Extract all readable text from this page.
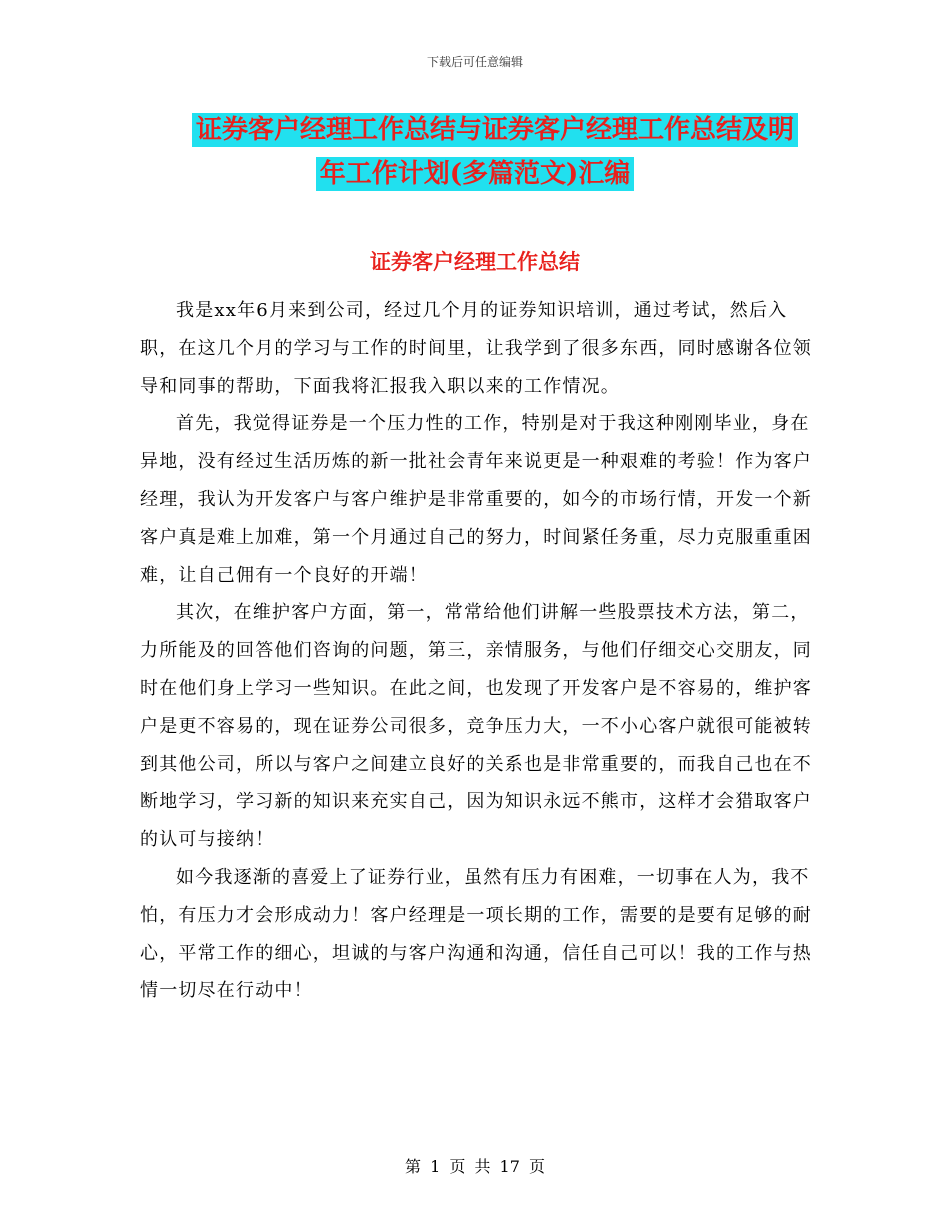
下载后可任意编辑
证券客户经理工作总结与证券客户经理工作总结及明
年工作计划(多篇范文)汇编
证券客户经理工作总结

我是xx年6月来到公司，经过几个月的证券知识培训，通过考试，然后入职，在这几个月的学习与工作的时间里，让我学到了很多东西，同时感谢各位领导和同事的帮助，下面我将汇报我入职以来的工作情况。

首先，我觉得证券是一个压力性的工作，特别是对于我这种刚刚毕业，身在异地，没有经过生活历炼的新一批社会青年来说更是一种艰难的考验！作为客户经理，我认为开发客户与客户维护是非常重要的，如今的市场行情，开发一个新客户真是难上加难，第一个月通过自己的努力，时间紧任务重，尽力克服重重困难，让自己佣有一个良好的开端！

其次，在维护客户方面，第一，常常给他们讲解一些股票技术方法，第二，力所能及的回答他们咨询的问题，第三，亲情服务，与他们仔细交心交朋友，同时在他们身上学习一些知识。在此之间，也发现了开发客户是不容易的，维护客户是更不容易的，现在证券公司很多，竞争压力大，一不小心客户就很可能被转到其他公司，所以与客户之间建立良好的关系也是非常重要的，而我自己也在不断地学习，学习新的知识来充实自己，因为知识永远不熊市，这样才会猎取客户的认可与接纳！

如今我逐渐的喜爱上了证券行业，虽然有压力有困难，一切事在人为，我不怕，有压力才会形成动力！客户经理是一项长期的工作，需要的是要有足够的耐心，平常工作的细心，坦诚的与客户沟通和沟通，信任自己可以！我的工作与热情一切尽在行动中！

第 1 页 共 17 页
